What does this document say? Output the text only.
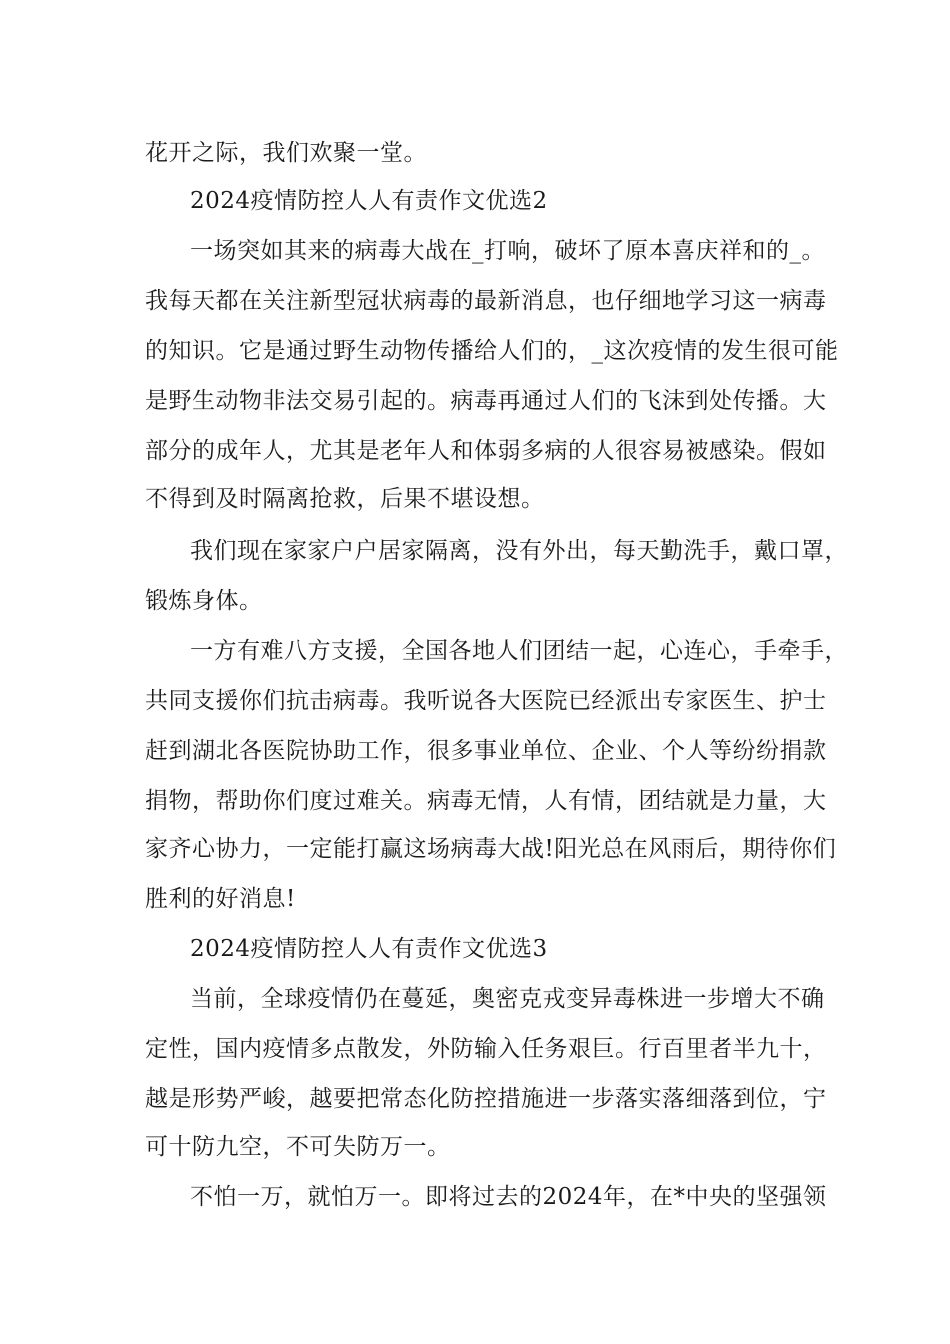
花开之际，我们欢聚一堂。
2024疫情防控人人有责作文优选2
一场突如其来的病毒大战在_打响，破坏了原本喜庆祥和的_。
我每天都在关注新型冠状病毒的最新消息，也仔细地学习这一病毒
的知识。它是通过野生动物传播给人们的，_这次疫情的发生很可能
是野生动物非法交易引起的。病毒再通过人们的飞沫到处传播。大
部分的成年人，尤其是老年人和体弱多病的人很容易被感染。假如
不得到及时隔离抢救，后果不堪设想。
我们现在家家户户居家隔离，没有外出，每天勤洗手，戴口罩，
锻炼身体。
一方有难八方支援，全国各地人们团结一起，心连心，手牵手，
共同支援你们抗击病毒。我听说各大医院已经派出专家医生、护士
赶到湖北各医院协助工作，很多事业单位、企业、个人等纷纷捐款
捐物，帮助你们度过难关。病毒无情，人有情，团结就是力量，大
家齐心协力，一定能打赢这场病毒大战!阳光总在风雨后，期待你们
胜利的好消息!
2024疫情防控人人有责作文优选3
当前，全球疫情仍在蔓延，奥密克戎变异毒株进一步增大不确
定性，国内疫情多点散发，外防输入任务艰巨。行百里者半九十，
越是形势严峻，越要把常态化防控措施进一步落实落细落到位，宁
可十防九空，不可失防万一。
不怕一万，就怕万一。即将过去的2024年，在*中央的坚强领
